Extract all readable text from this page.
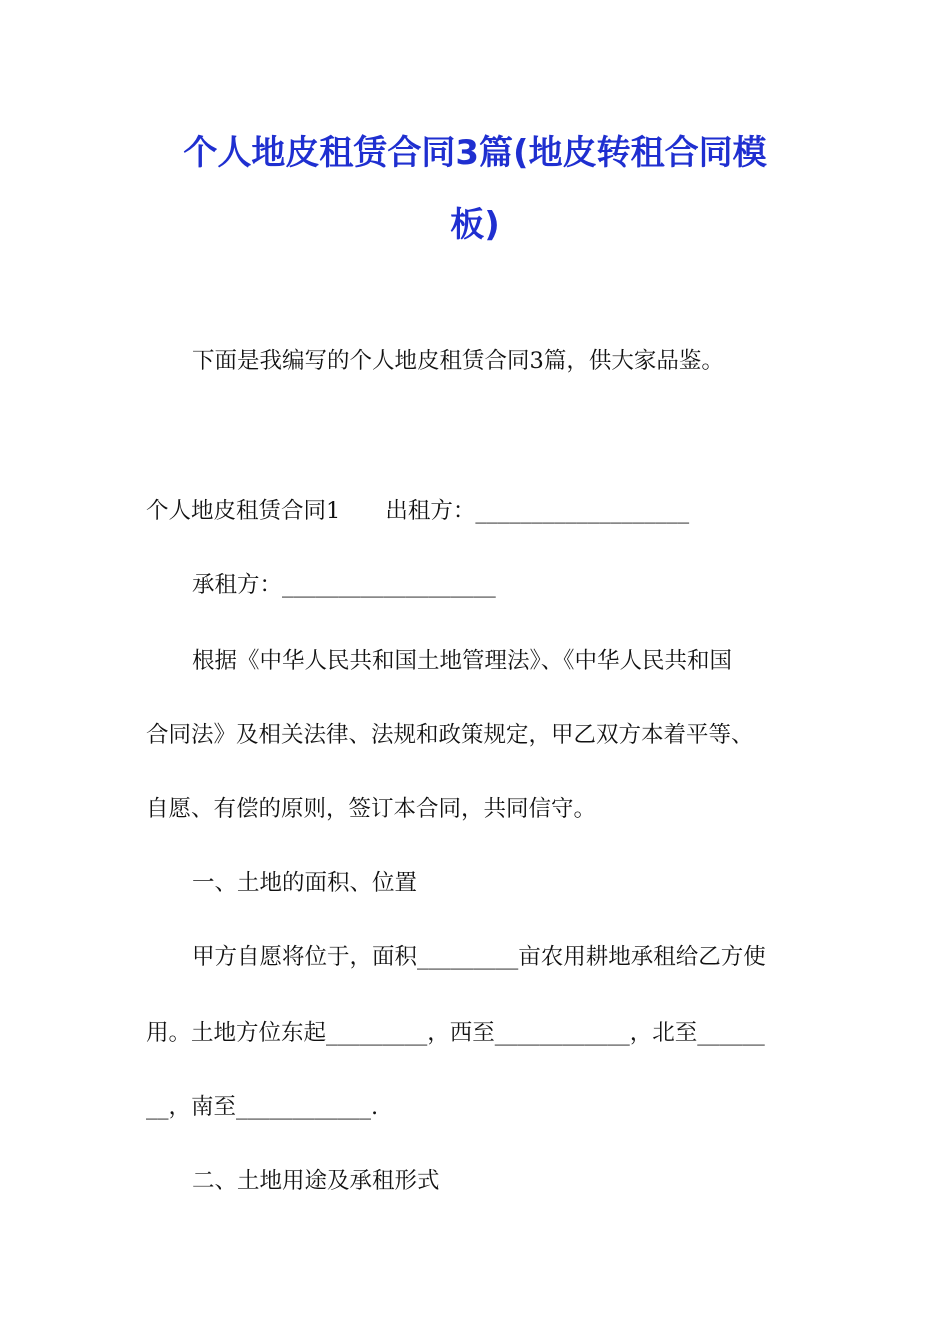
个人地皮租赁合同3篇(地皮转租合同模
板)
下面是我编写的个人地皮租赁合同3篇，供大家品鉴。
个人地皮租赁合同1　　出租方：___________________
承租方：___________________
根据《中华人民共和国土地管理法》、《中华人民共和国
合同法》及相关法律、法规和政策规定，甲乙双方本着平等、
自愿、有偿的原则，签订本合同，共同信守。
一、土地的面积、位置
甲方自愿将位于，面积_________亩农用耕地承租给乙方使
用。土地方位东起_________，西至____________，北至______
__，南至____________.
二、土地用途及承租形式
